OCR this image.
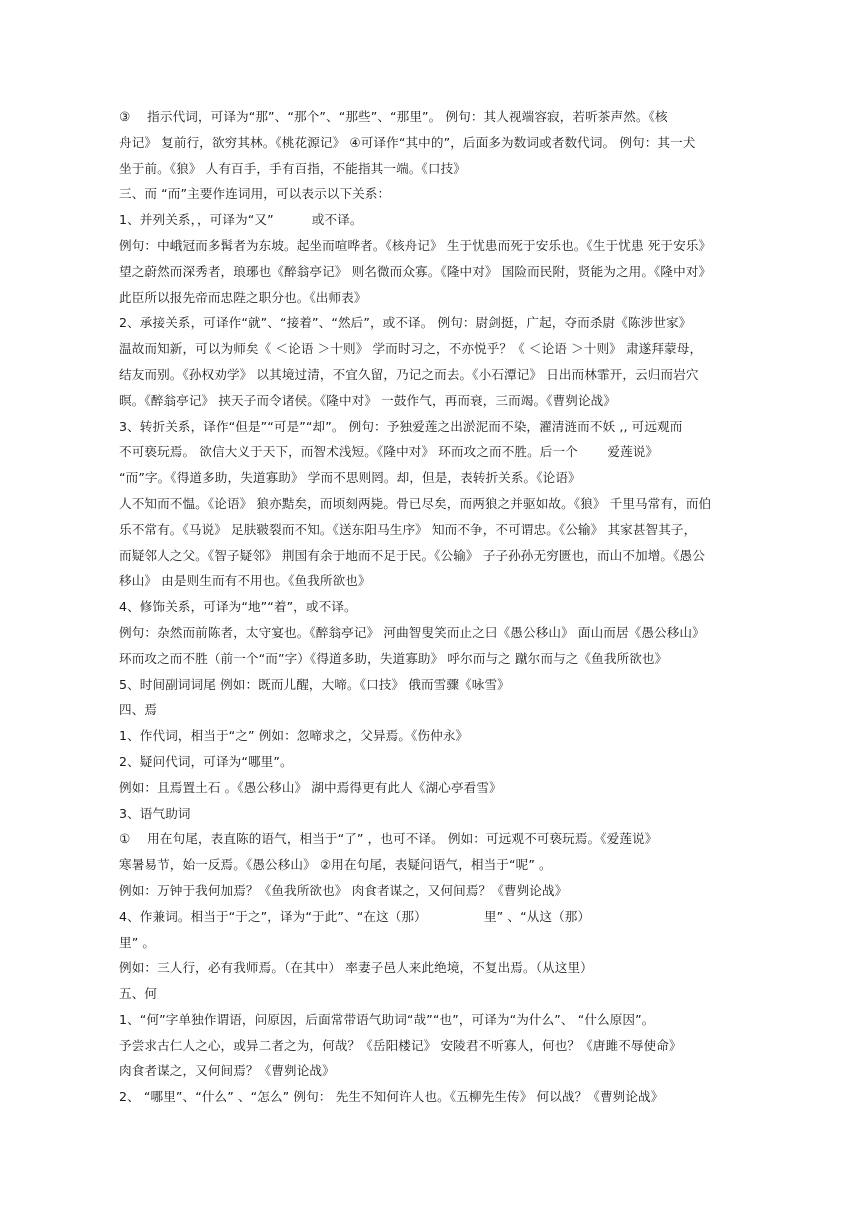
③　 指示代词，可译为“那”、“那个”、“那些”、“那里”。 例句：其人视端容寂，若听茶声然。《核
舟记》 复前行，欲穷其林。《桃花源记》 ④可译作“其中的”，后面多为数词或者数代词。 例句：其一犬
坐于前。《狼》 人有百手，手有百指，不能指其一端。《口技》
三、而 “而”主要作连词用，可以表示以下关系：
1、并列关系，，可译为“又”　　　或不译。
例句：中峨冠而多髯者为东坡。起坐而喧哗者。《核舟记》 生于忧患而死于安乐也。《生于忧患 死于安乐》
望之蔚然而深秀者，琅琊也《醉翁亭记》 则名微而众寡。《隆中对》 国险而民附，贤能为之用。《隆中对》
此臣所以报先帝而忠陛之职分也。《出师表》
2、承接关系，可译作“就”、“接着”、“然后”，或不译。 例句：尉剑挺，广起，夺而杀尉《陈涉世家》
温故而知新，可以为师矣《 ＜论语 ＞十则》 学而时习之，不亦悦乎？《 ＜论语 ＞十则》 肃遂拜蒙母，
结友而别。《孙权劝学》 以其境过清，不宜久留，乃记之而去。《小石潭记》 日出而林霏开，云归而岩穴
暝。《醉翁亭记》 挟天子而令诸侯。《隆中对》 一鼓作气，再而衰，三而竭。《曹刿论战》
3、转折关系，译作“但是”“可是”“却”。 例句：予独爱莲之出淤泥而不染，濯清涟而不妖 ,, 可远观而
不可亵玩焉。 欲信大义于天下，而智术浅短。《隆中对》 环而攻之而不胜。后一个　　 爱莲说》
“而”字。《得道多助，失道寡助》 学而不思则罔。却，但是，表转折关系。《论语》
人不知而不愠。《论语》 狼亦黠矣，而顷刻两毙。骨已尽矣，而两狼之并驱如故。《狼》 千里马常有，而伯
乐不常有。《马说》 足肤皲裂而不知。《送东阳马生序》 知而不争，不可谓忠。《公输》 其家甚智其子，
而疑邻人之父。《智子疑邻》 荆国有余于地而不足于民。《公输》 子子孙孙无穷匮也，而山不加增。《愚公
移山》 由是则生而有不用也。《鱼我所欲也》
4、修饰关系，可译为“地”“着”，或不译。
例句：杂然而前陈者，太守宴也。《醉翁亭记》 河曲智叟笑而止之曰《愚公移山》 面山而居《愚公移山》
环而攻之而不胜（前一个“而”字）《得道多助，失道寡助》 呼尔而与之 蹴尔而与之《鱼我所欲也》
5、时间副词词尾 例如：既而儿醒，大啼。《口技》 俄而雪骤《咏雪》
四、焉
1、作代词，相当于“之” 例如：忽啼求之，父异焉。《伤仲永》
2、疑问代词，可译为“哪里”。
例如：且焉置土石 。《愚公移山》 湖中焉得更有此人《湖心亭看雪》
3、语气助词
①　 用在句尾，表直陈的语气，相当于“了” ，也可不译。 例如：可远观不可亵玩焉。《爱莲说》
寒暑易节，始一反焉。《愚公移山》 ②用在句尾，表疑问语气，相当于“呢” 。
例如：万钟于我何加焉？《鱼我所欲也》 肉食者谋之，又何间焉？《曹刿论战》
4、作兼词。相当于“于之”，译为“于此”、“在这（那）　　　　　里” 、“从这（那）
里” 。
例如：三人行，必有我师焉。（在其中） 率妻子邑人来此绝境，不复出焉。（从这里）
五、何
1、“何”字单独作谓语，问原因，后面常带语气助词“哉”“也”，可译为“为什么”、 “什么原因”。
予尝求古仁人之心，或异二者之为，何哉？《岳阳楼记》 安陵君不听寡人，何也？《唐雎不辱使命》
肉食者谋之，又何间焉？《曹刿论战》
2、 “哪里”、“什么” 、“怎么” 例句： 先生不知何许人也。《五柳先生传》 何以战？《曹刿论战》
